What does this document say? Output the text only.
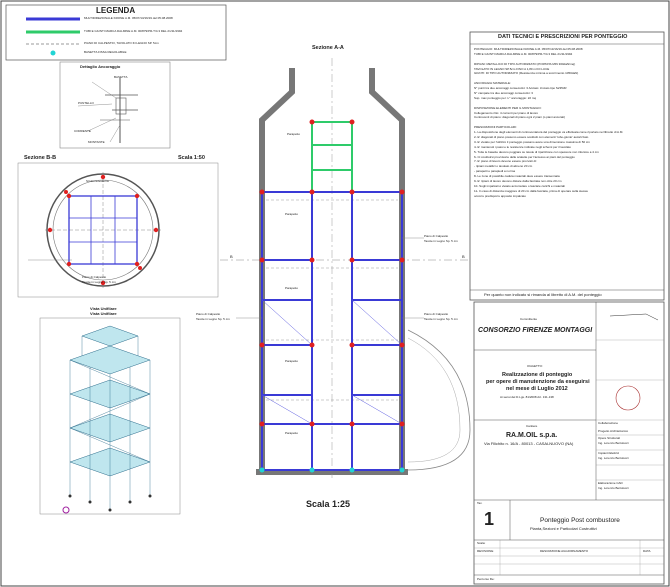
LEGENDA
MULTIDIREZIONALE KRONE A.M. 05/07/13/16/19 del 05.08.2008
TUBI E GIUNTI MARCA DALMINE A.M. 00/879/PR-T/4.3 DEL 21/11/1994
PIANO DI CALPESTIO, TAVOLATO IN LEGNO SP. 5cm
BASETTA FISSA REGOLABILE
Dettaglio Ancoraggio
BASETTA
PUNTELLO
CORRENTE
MONTANTE
Sezione B-B	Scala 1:50
Struttura Esterna
Piano di Calpestio
Tavole in Legno Sp. 5 cm
Vista Unifilare
Vista Unifilare
Sezione A-A
Scala 1:25
Parapetto
Parapetto
Parapetto
Parapetto
Parapetto
Piano di Calpestio
Tavole in Legno Sp. 5 cm
Piano di Calpestio
Tavole in Legno Sp. 5 cm
Piano di Calpestio
Tavole in Legno Sp. 5 cm
B	B
DATI TECNICI E PRESCRIZIONI PER PONTEGGIO
PONTEGGIO: MULTIDIREZIONALE KRONE A.M. 05/07/13/16/19 del 05.08.2008
TUBI E GIUNTI MARCA DALMINE A.M. 00/879/PR-T/4.3 DEL 21/11/1994
RIPIANI: METALLICO DI TIPO AUTORIZZATO (PORTATA MIN 300daN/mq)
TAVOLATO IN LEGNO SP.5cm FINO A 1,80 ml DI LUCE
GIUNTI: DI TIPO AUTORIZZATO (Resistenza minima a scorrimento 1050daN)
ANCORAGGI MATERIALE:
N° punti tra due ancoraggi consecutivi: 3 Acciaio: zincato tipo S235JR
N° campate tra due ancoraggi consecutivi: 3
Sup. max ponteggio per n.° ancoraggio: 22 mq
DISPOSIZIONE ELEMENTI PER IL MONTAGGIO:
Collegamento ritto: 4 correnti per piano di lavoro
Controventi di piano: diagonali di piano ogni 2 piani (o piani ancorati)
PRESCRIZIONI PARTICOLARI:
1- La disposizione degli elementi di controventatura del ponteggio va effettuata come riportato nel libretto di A.M.
2- E' diagonali di piano possono essere sostituiti con elementi 'tubo-giunto' autorizzato
3- E' vietato per l'utilizzo il ponteggio possano avere una dimensione massima di 50 cm
4- E' mantenuti i passi e le resistenze indicate negli schemi per il tavolato
5- Tutte le basette devono poggiare su tavole di ripartizione con spessore non inferiore a 4 cm
6- Ci costituirsi provvisorie delle scalette per l'accesso ai piani del ponteggio
7- E' piano di lavoro devono essere provvisti di:
- ripiani metallici o tavolato di almeno 20 cm
- parapetti e parapiedi a norma
8- Le zone di possibile caduta materiali deve essere transennata
9- E' ripiani di lavoro devono distare dalla facciata non oltre 20 cm
10- Sugli impalcati è vietato accumulare o lasciare carichi e materiali
11- In caso di distanza maggiore di 20 cm dalla facciata, prima di operare sulla stessa
occorre predisporre apposito impalcato
Per quanto non indicato si rimanda al libretto di A.M. del ponteggio
Committente
CONSORZIO FIRENZE MONTAGGI
OGGETTO:
Realizzazione di ponteggio
per opere di manutenzione da eseguirsi
nel mese di Luglio 2012
Ai sensi del D.Lgs. 81/2008 Art. 131-138
Cantiere
RA.M.OIL s.p.a.
Via Filichito n. 16/A - 80013 - CASALNUOVO (NA)
Collaborazione
Progetto Architettonico
Opere Strutturali
Ing. Lorenzo Bertolucci
Impianti Elettrici
Ing. Lorenzo Bertolucci
Elaborazione CAD
Ing. Lorenzo Bertolucci
Tav.
1	Ponteggio Post combustore
Pianta,Sezioni e Particolari Costruttivi
Scala:
REVISIONE	DESCRIZIONE AGGIORNAMENTO	DATA
Percorso file:
